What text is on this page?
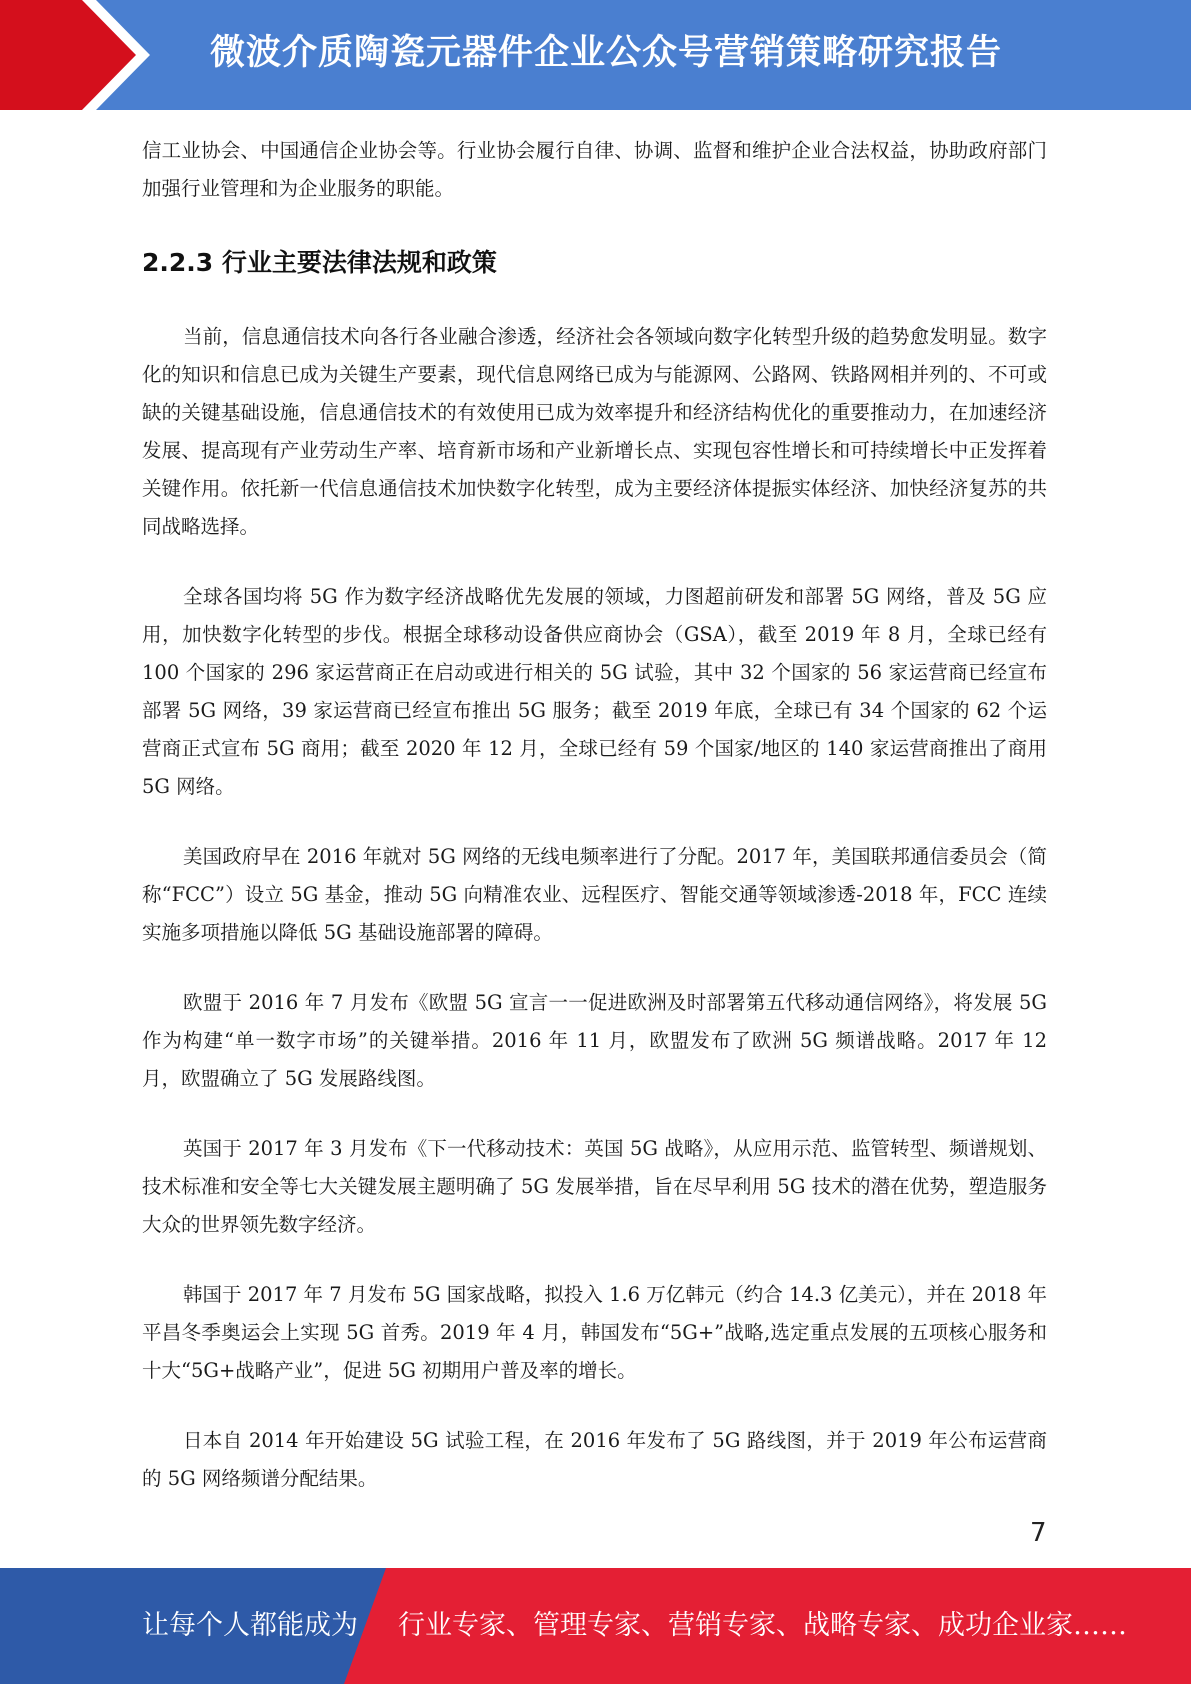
微波介质陶瓷元器件企业公众号营销策略研究报告

信工业协会、中国通信企业协会等。行业协会履行自律、协调、监督和维护企业合法权益，协助政府部门加强行业管理和为企业服务的职能。

2.2.3 行业主要法律法规和政策

当前，信息通信技术向各行各业融合渗透，经济社会各领域向数字化转型升级的趋势愈发明显。数字化的知识和信息已成为关键生产要素，现代信息网络已成为与能源网、公路网、铁路网相并列的、不可或缺的关键基础设施，信息通信技术的有效使用已成为效率提升和经济结构优化的重要推动力，在加速经济发展、提高现有产业劳动生产率、培育新市场和产业新增长点、实现包容性增长和可持续增长中正发挥着关键作用。依托新一代信息通信技术加快数字化转型，成为主要经济体提振实体经济、加快经济复苏的共同战略选择。

全球各国均将 5G 作为数字经济战略优先发展的领域，力图超前研发和部署 5G 网络，普及 5G 应用，加快数字化转型的步伐。根据全球移动设备供应商协会（GSA），截至 2019 年 8 月，全球已经有 100 个国家的 296 家运营商正在启动或进行相关的 5G 试验，其中 32 个国家的 56 家运营商已经宣布部署 5G 网络，39 家运营商已经宣布推出 5G 服务；截至 2019 年底，全球已有 34 个国家的 62 个运营商正式宣布 5G 商用；截至 2020 年 12 月，全球已经有 59 个国家/地区的 140 家运营商推出了商用 5G 网络。

美国政府早在 2016 年就对 5G 网络的无线电频率进行了分配。2017 年，美国联邦通信委员会（简称“FCC”）设立 5G 基金，推动 5G 向精准农业、远程医疗、智能交通等领域渗透-2018 年，FCC 连续实施多项措施以降低 5G 基础设施部署的障碍。

欧盟于 2016 年 7 月发布《欧盟 5G 宣言一一促进欧洲及时部署第五代移动通信网络》，将发展 5G 作为构建“单一数字市场”的关键举措。2016 年 11 月，欧盟发布了欧洲 5G 频谱战略。2017 年 12 月，欧盟确立了 5G 发展路线图。

英国于 2017 年 3 月发布《下一代移动技术：英国 5G 战略》，从应用示范、监管转型、频谱规划、技术标准和安全等七大关键发展主题明确了 5G 发展举措，旨在尽早利用 5G 技术的潜在优势，塑造服务大众的世界领先数字经济。

韩国于 2017 年 7 月发布 5G 国家战略，拟投入 1.6 万亿韩元（约合 14.3 亿美元），并在 2018 年平昌冬季奥运会上实现 5G 首秀。2019 年 4 月，韩国发布“5G+”战略,选定重点发展的五项核心服务和十大“5G+战略产业”，促进 5G 初期用户普及率的增长。

日本自 2014 年开始建设 5G 试验工程，在 2016 年发布了 5G 路线图，并于 2019 年公布运营商的 5G 网络频谱分配结果。

7
让每个人都能成为 行业专家、管理专家、营销专家、战略专家、成功企业家……
